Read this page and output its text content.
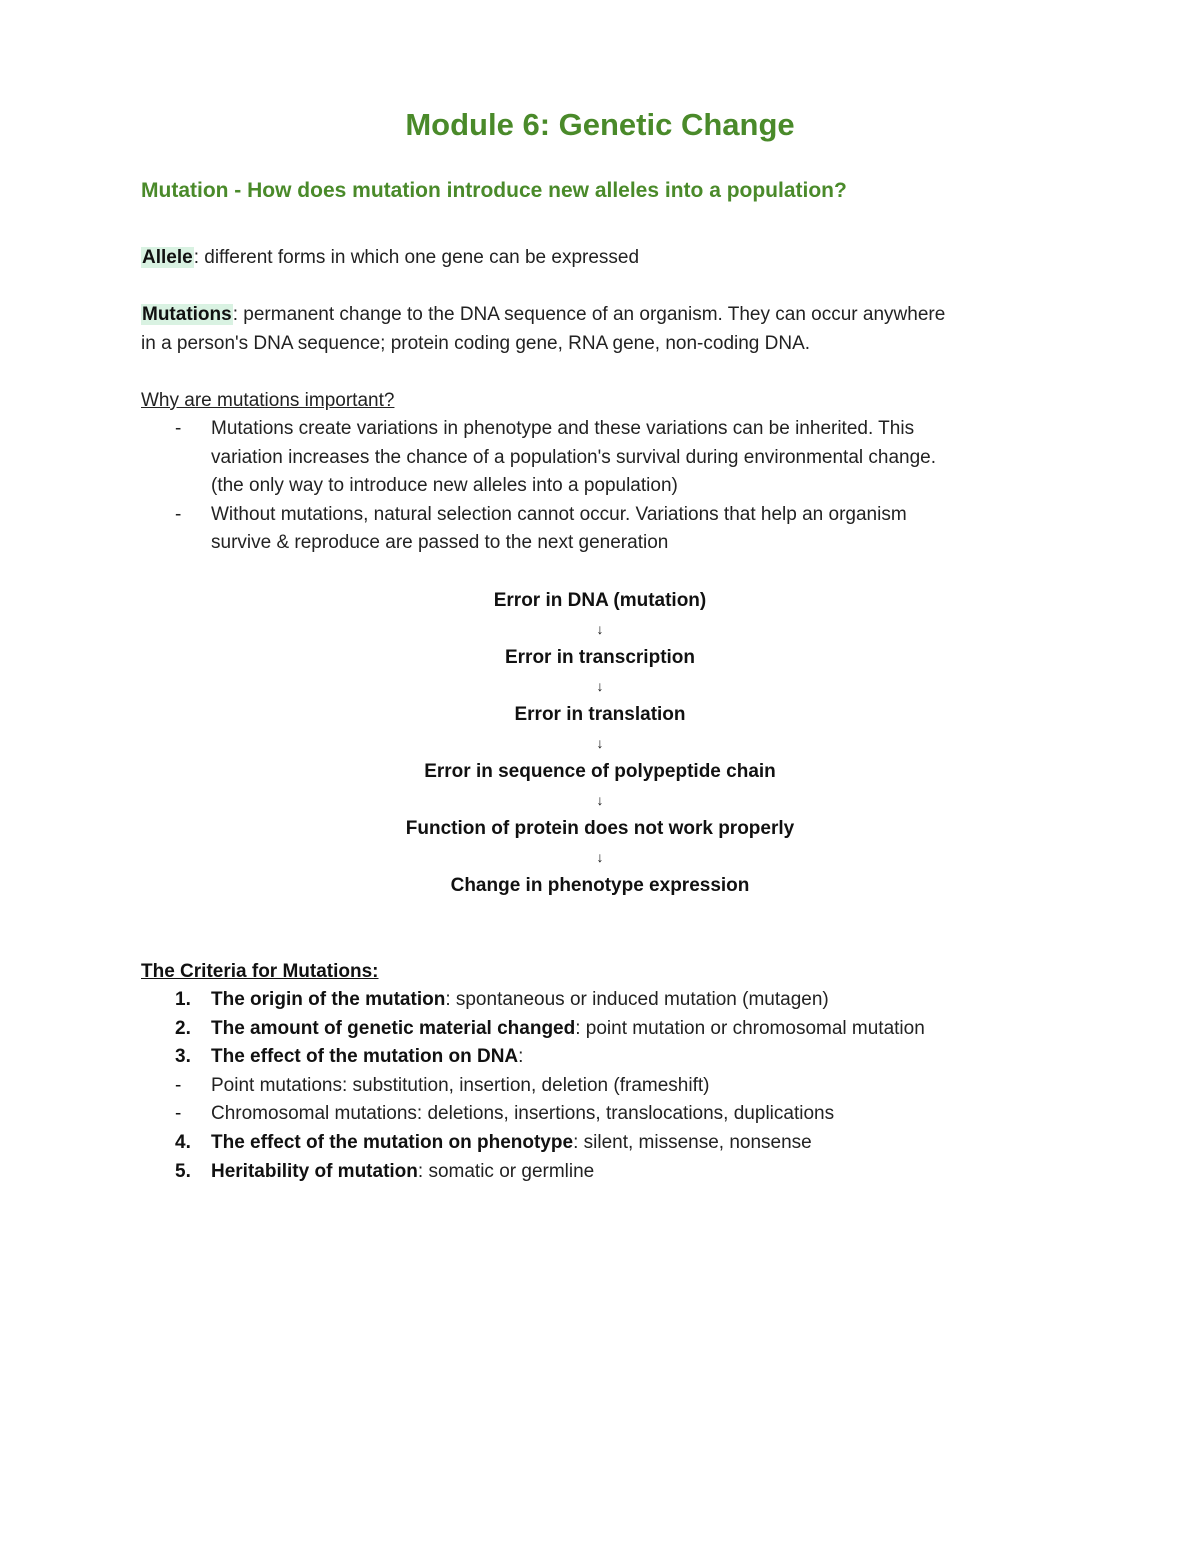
Module 6: Genetic Change
Mutation - How does mutation introduce new alleles into a population?
Allele: different forms in which one gene can be expressed
Mutations: permanent change to the DNA sequence of an organism. They can occur anywhere
in a person's DNA sequence; protein coding gene, RNA gene, non-coding DNA.
Why are mutations important?
-	Mutations create variations in phenotype and these variations can be inherited. This
variation increases the chance of a population's survival during environmental change.
(the only way to introduce new alleles into a population)
-	Without mutations, natural selection cannot occur. Variations that help an organism
survive & reproduce are passed to the next generation
Error in DNA (mutation)
↓
Error in transcription
↓
Error in translation
↓
Error in sequence of polypeptide chain
↓
Function of protein does not work properly
↓
Change in phenotype expression
The Criteria for Mutations:
1.	The origin of the mutation: spontaneous or induced mutation (mutagen)
2.	The amount of genetic material changed: point mutation or chromosomal mutation
3.	The effect of the mutation on DNA:
-	Point mutations: substitution, insertion, deletion (frameshift)
-	Chromosomal mutations: deletions, insertions, translocations, duplications
4.	The effect of the mutation on phenotype: silent, missense, nonsense
5.	Heritability of mutation: somatic or germline
